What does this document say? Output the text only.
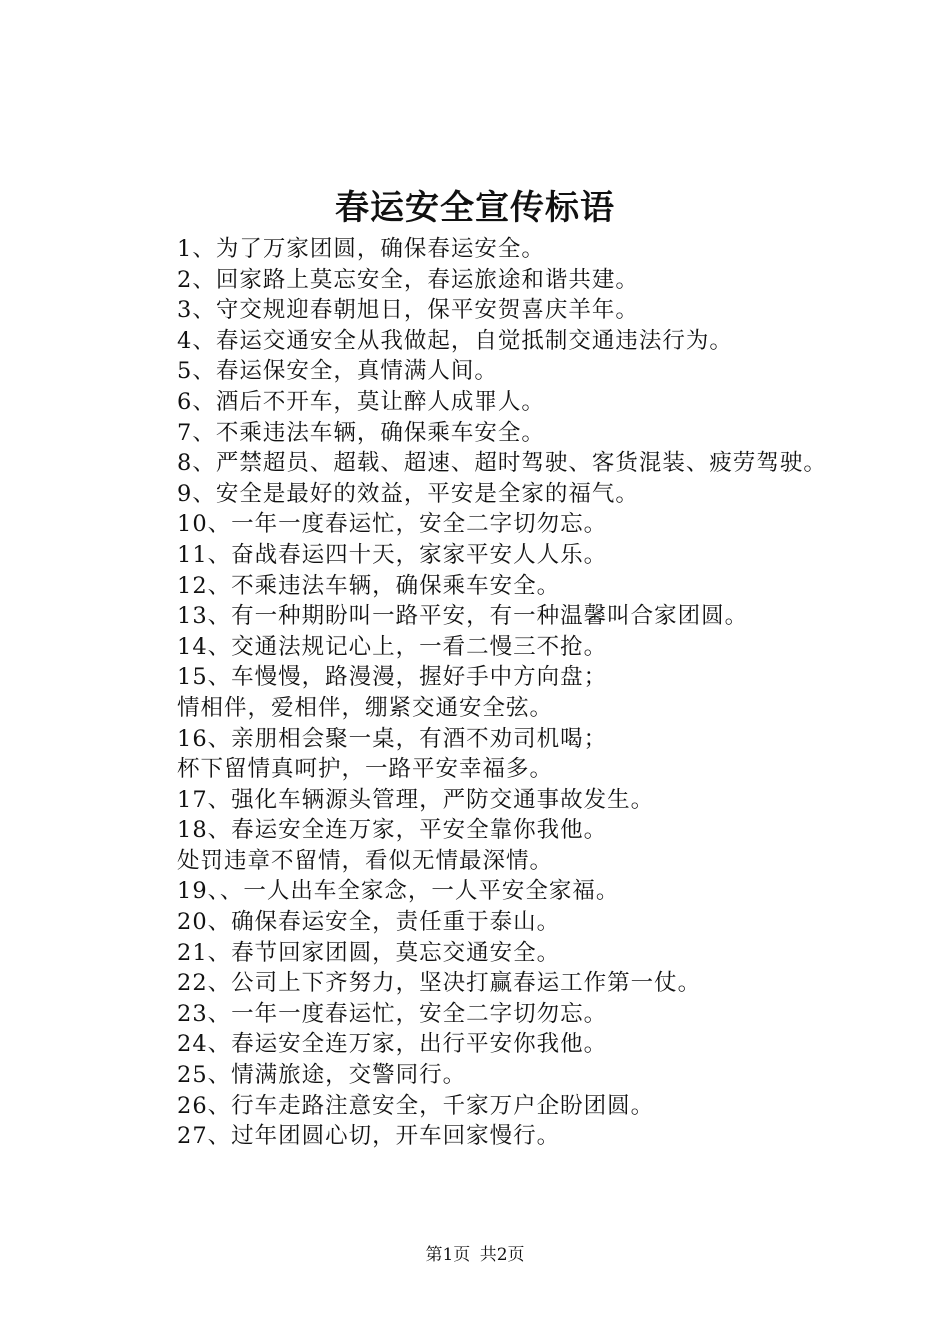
春运安全宣传标语

1、为了万家团圆，确保春运安全。

2、回家路上莫忘安全，春运旅途和谐共建。

3、守交规迎春朝旭日，保平安贺喜庆羊年。

4、春运交通安全从我做起，自觉抵制交通违法行为。

5、春运保安全，真情满人间。

6、酒后不开车，莫让醉人成罪人。

7、不乘违法车辆，确保乘车安全。

8、严禁超员、超载、超速、超时驾驶、客货混装、疲劳驾驶。

9、安全是最好的效益，平安是全家的福气。

10、一年一度春运忙，安全二字切勿忘。

11、奋战春运四十天，家家平安人人乐。

12、不乘违法车辆，确保乘车安全。

13、有一种期盼叫一路平安，有一种温馨叫合家团圆。

14、交通法规记心上，一看二慢三不抢。

15、车慢慢，路漫漫，握好手中方向盘；

情相伴，爱相伴，绷紧交通安全弦。

16、亲朋相会聚一桌，有酒不劝司机喝；

杯下留情真呵护，一路平安幸福多。

17、强化车辆源头管理，严防交通事故发生。

18、春运安全连万家，平安全靠你我他。

处罚违章不留情，看似无情最深情。

19、、一人出车全家念，一人平安全家福。

20、确保春运安全，责任重于泰山。

21、春节回家团圆，莫忘交通安全。

22、公司上下齐努力，坚决打赢春运工作第一仗。

23、一年一度春运忙，安全二字切勿忘。

24、春运安全连万家，出行平安你我他。

25、情满旅途，交警同行。

26、行车走路注意安全，千家万户企盼团圆。

27、过年团圆心切，开车回家慢行。

第1页 共2页
